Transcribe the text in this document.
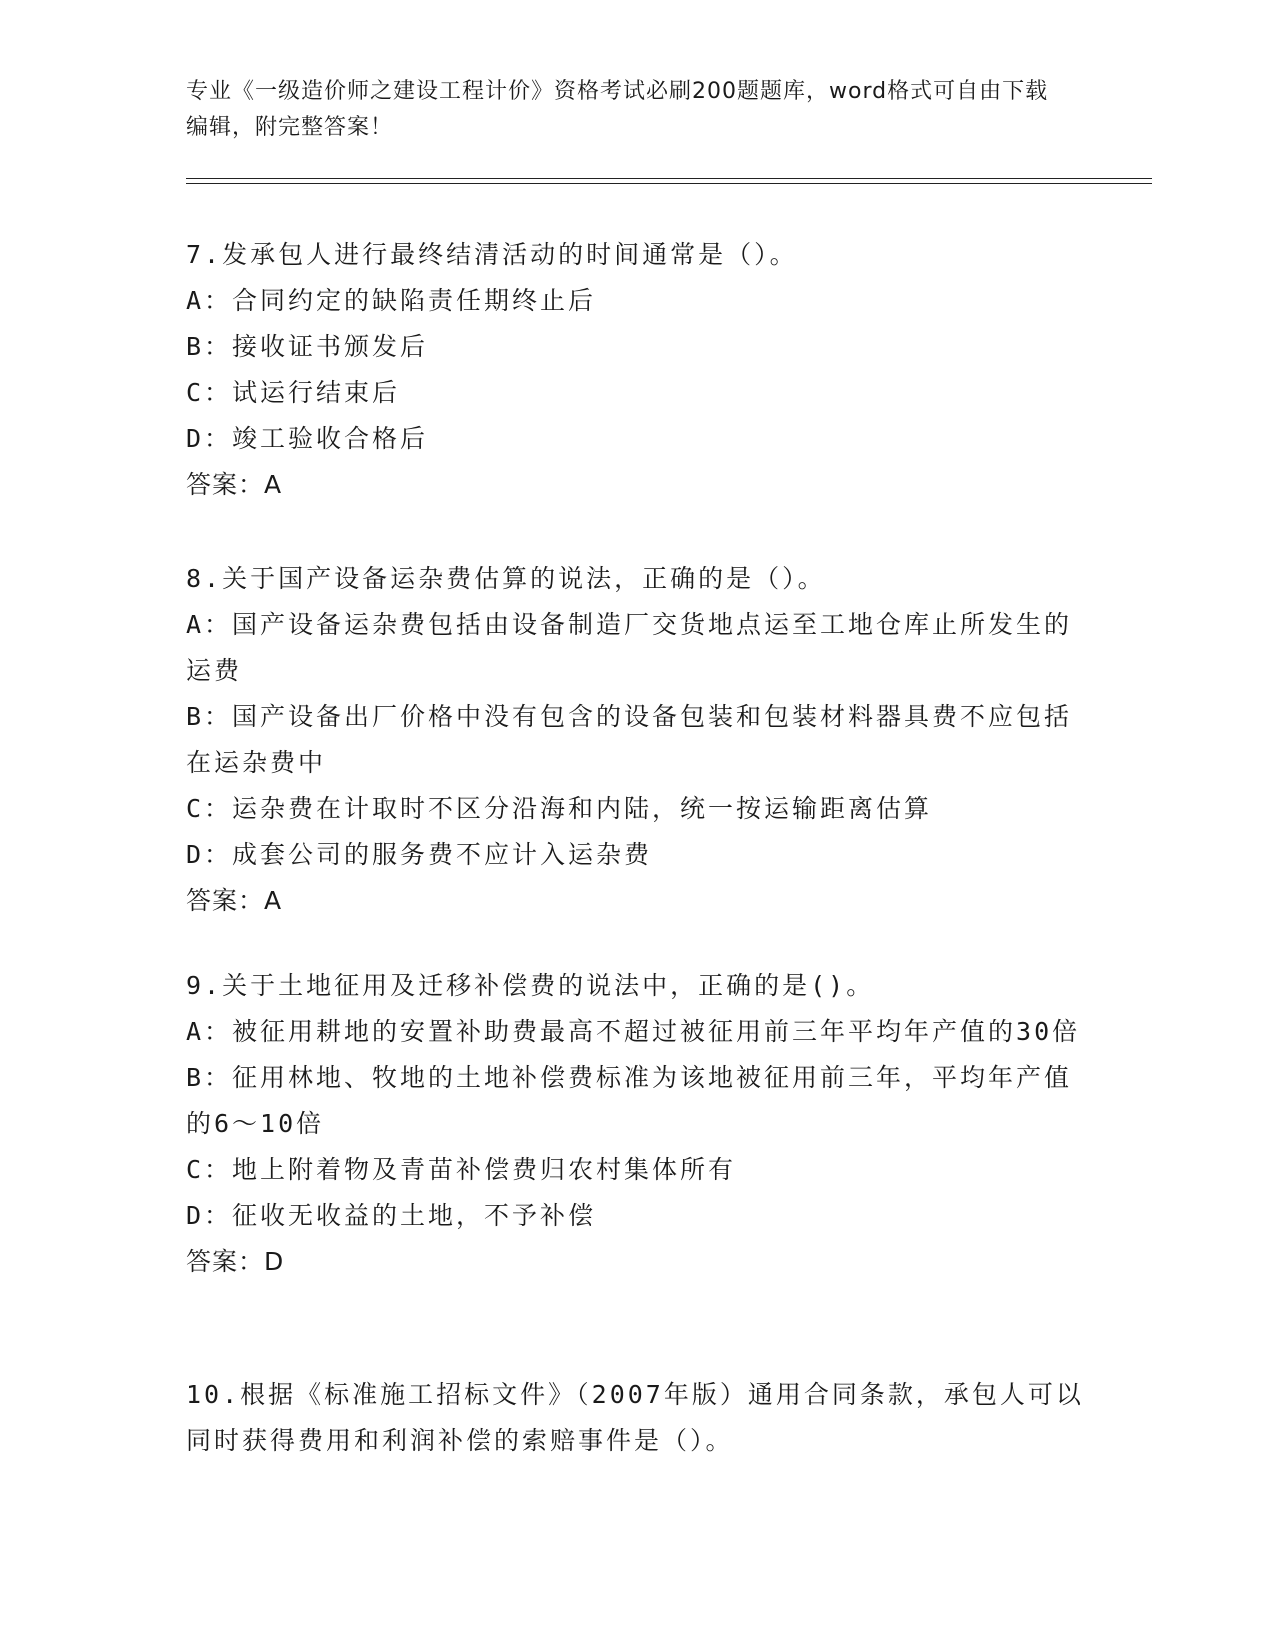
专业《一级造价师之建设工程计价》资格考试必刷200题题库，word格式可自由下载编辑，附完整答案！

7.发承包人进行最终结清活动的时间通常是（）。

A：合同约定的缺陷责任期终止后

B：接收证书颁发后

C：试运行结束后

D：竣工验收合格后

答案：A

8.关于国产设备运杂费估算的说法，正确的是（）。

A：国产设备运杂费包括由设备制造厂交货地点运至工地仓库止所发生的运费

B：国产设备出厂价格中没有包含的设备包装和包装材料器具费不应包括在运杂费中

C：运杂费在计取时不区分沿海和内陆，统一按运输距离估算

D：成套公司的服务费不应计入运杂费

答案：A

9.关于土地征用及迁移补偿费的说法中，正确的是()。

A：被征用耕地的安置补助费最高不超过被征用前三年平均年产值的30倍

B：征用林地、牧地的土地补偿费标准为该地被征用前三年，平均年产值的6～10倍

C：地上附着物及青苗补偿费归农村集体所有

D：征收无收益的土地，不予补偿

答案：D

10.根据《标准施工招标文件》（2007年版）通用合同条款，承包人可以同时获得费用和利润补偿的索赔事件是（）。
